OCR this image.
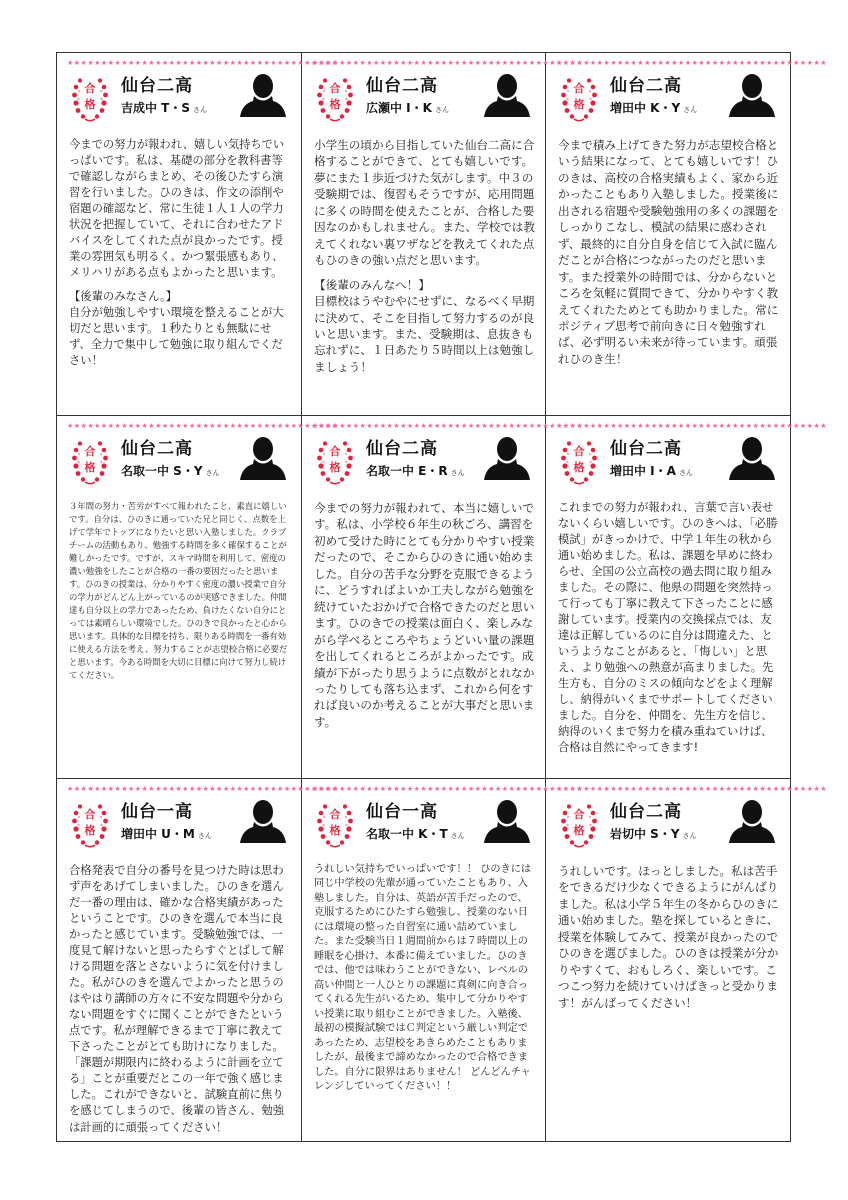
★★★★★★★★★★★★★★★★★★★★★★★★★★★★★★★★★★★★★★★★
合
格
仙台二高
吉成中 T・S さん

今までの努力が報われ、嬉しい気持ちでいっぱいです。私は、基礎の部分を教科書等で確認しながらまとめ、その後ひたすら演習を行いました。ひのきは、作文の添削や宿題の確認など、常に生徒１人１人の学力状況を把握していて、それに合わせたアドバイスをしてくれた点が良かったです。授業の雰囲気も明るく、かつ緊張感もあり、メリハリがある点もよかったと思います。

【後輩のみなさん。】
自分が勉強しやすい環境を整えることが大切だと思います。１秒たりとも無駄にせず、全力で集中して勉強に取り組んでください！

★★★★★★★★★★★★★★★★★★★★★★★★★★★★★★★★★★★★★★★★
合
格
仙台二高
広瀬中 I・K さん

小学生の頃から目指していた仙台二高に合格することができて、とても嬉しいです。夢にまた１歩近づけた気がします。中３の受験期では、復習もそうですが、応用問題に多くの時間を使えたことが、合格した要因なのかもしれません。また、学校では教えてくれない裏ワザなどを教えてくれた点もひのきの強い点だと思います。

【後輩のみんなへ！】
目標校はうやむやにせずに、なるべく早期に決めて、そこを目指して努力するのが良いと思います。また、受験期は、息抜きも忘れずに、１日あたり５時間以上は勉強しましょう！

★★★★★★★★★★★★★★★★★★★★★★★★★★★★★★★★★★★★★★★★
合
格
仙台二高
増田中 K・Y さん

今まで積み上げてきた努力が志望校合格という結果になって、とても嬉しいです！ひのきは、高校の合格実績もよく、家から近かったこともあり入塾しました。授業後に出される宿題や受験勉強用の多くの課題をしっかりこなし、模試の結果に惑わされず、最終的に自分自身を信じて入試に臨んだことが合格につながったのだと思います。また授業外の時間では、分からないところを気軽に質問できて、分かりやすく教えてくれたためとても助かりました。常にポジティブ思考で前向きに日々勉強すれば、必ず明るい未来が待っています。頑張れひのき生！

★★★★★★★★★★★★★★★★★★★★★★★★★★★★★★★★★★★★★★★★
合
格
仙台二高
名取一中 S・Y さん

３年間の努力・苦労がすべて報われたこと、素直に嬉しいです。自分は、ひのきに通っていた兄と同じく、点数を上げて学年でトップになりたいと思い入塾しました。クラブチームの活動もあり、勉強する時間を多く確保することが難しかったです。ですが、スキマ時間を利用して、密度の濃い勉強をしたことが合格の一番の要因だったと思います。ひのきの授業は、分かりやすく密度の濃い授業で自分の学力がどんどん上がっているのが実感できました。仲間達も自分以上の学力であったため、負けたくない自分にとっては素晴らしい環境でした。ひのきで良かったと心から思います。具体的な目標を持ち、限りある時間を一番有効に使える方法を考え、努力することが志望校合格に必要だと思います。今ある時間を大切に目標に向けて努力し続けてください。

★★★★★★★★★★★★★★★★★★★★★★★★★★★★★★★★★★★★★★★★
合
格
仙台二高
名取一中 E・R さん

今までの努力が報われて、本当に嬉しいです。私は、小学校６年生の秋ごろ、講習を初めて受けた時にとても分かりやすい授業だったので、そこからひのきに通い始めました。自分の苦手な分野を克服できるように、どうすればよいか工夫しながら勉強を続けていたおかげで合格できたのだと思います。ひのきでの授業は面白く、楽しみながら学べるところやちょうどいい量の課題を出してくれるところがよかったです。成績が下がったり思うように点数がとれなかったりしても落ち込まず、これから何をすれば良いのか考えることが大事だと思います。

★★★★★★★★★★★★★★★★★★★★★★★★★★★★★★★★★★★★★★★★
合
格
仙台二高
増田中 I・A さん

これまでの努力が報われ、言葉で言い表せないくらい嬉しいです。ひのきへは、「必勝模試」がきっかけで、中学１年生の秋から通い始めました。私は、課題を早めに終わらせ、全国の公立高校の過去問に取り組みました。その際に、他県の問題を突然持って行っても丁寧に教えて下さったことに感謝しています。授業内の交換採点では、友達は正解しているのに自分は間違えた、というようなことがあると、「悔しい」と思え、より勉強への熱意が高まりました。先生方も、自分のミスの傾向などをよく理解し、納得がいくまでサポートしてくださいました。自分を、仲間を、先生方を信じ、納得のいくまで努力を積み重ねていけば、合格は自然にやってきます!

★★★★★★★★★★★★★★★★★★★★★★★★★★★★★★★★★★★★★★★★
合
格
仙台一高
増田中 U・M さん

合格発表で自分の番号を見つけた時は思わず声をあげてしまいました。ひのきを選んだ一番の理由は、確かな合格実績があったということです。ひのきを選んで本当に良かったと感じています。受験勉強では、一度見て解けないと思ったらすぐとばして解ける問題を落とさないように気を付けました。私がひのきを選んでよかったと思うのはやはり講師の方々に不安な問題や分からない問題をすぐに聞くことができたという点です。私が理解できるまで丁寧に教えて下さったことがとても助けになりました。「課題が期限内に終わるように計画を立てる」ことが重要だとこの一年で強く感じました。これができないと、試験直前に焦りを感じてしまうので、後輩の皆さん、勉強は計画的に頑張ってください！

★★★★★★★★★★★★★★★★★★★★★★★★★★★★★★★★★★★★★★★★
合
格
仙台一高
名取一中 K・T さん

うれしい気持ちでいっぱいです！！ ひのきには同じ中学校の先輩が通っていたこともあり、入塾しました。自分は、英語が苦手だったので、克服するためにひたすら勉強し、授業のない日には環境の整った自習室に通い詰めていました。また受験当日１週間前からは７時間以上の睡眠を心掛け、本番に備えていました。ひのきでは、他では味わうことができない、レベルの高い仲間と一人ひとりの課題に真剣に向き合ってくれる先生がいるため、集中して分かりやすい授業に取り組むことができました。入塾後、最初の模擬試験ではＣ判定という厳しい判定であったため、志望校をあきらめたこともありましたが、最後まで諦めなかったので合格できました。自分に限界はありません！ どんどんチャレンジしていってください！！

★★★★★★★★★★★★★★★★★★★★★★★★★★★★★★★★★★★★★★★★
合
格
仙台二高
岩切中 S・Y さん

うれしいです。ほっとしました。私は苦手をできるだけ少なくできるようにがんばりました。私は小学５年生の冬からひのきに通い始めました。塾を探しているときに、授業を体験してみて、授業が良かったのでひのきを選びました。ひのきは授業が分かりやすくて、おもしろく、楽しいです。こつこつ努力を続けていけばきっと受かります！がんばってください！
